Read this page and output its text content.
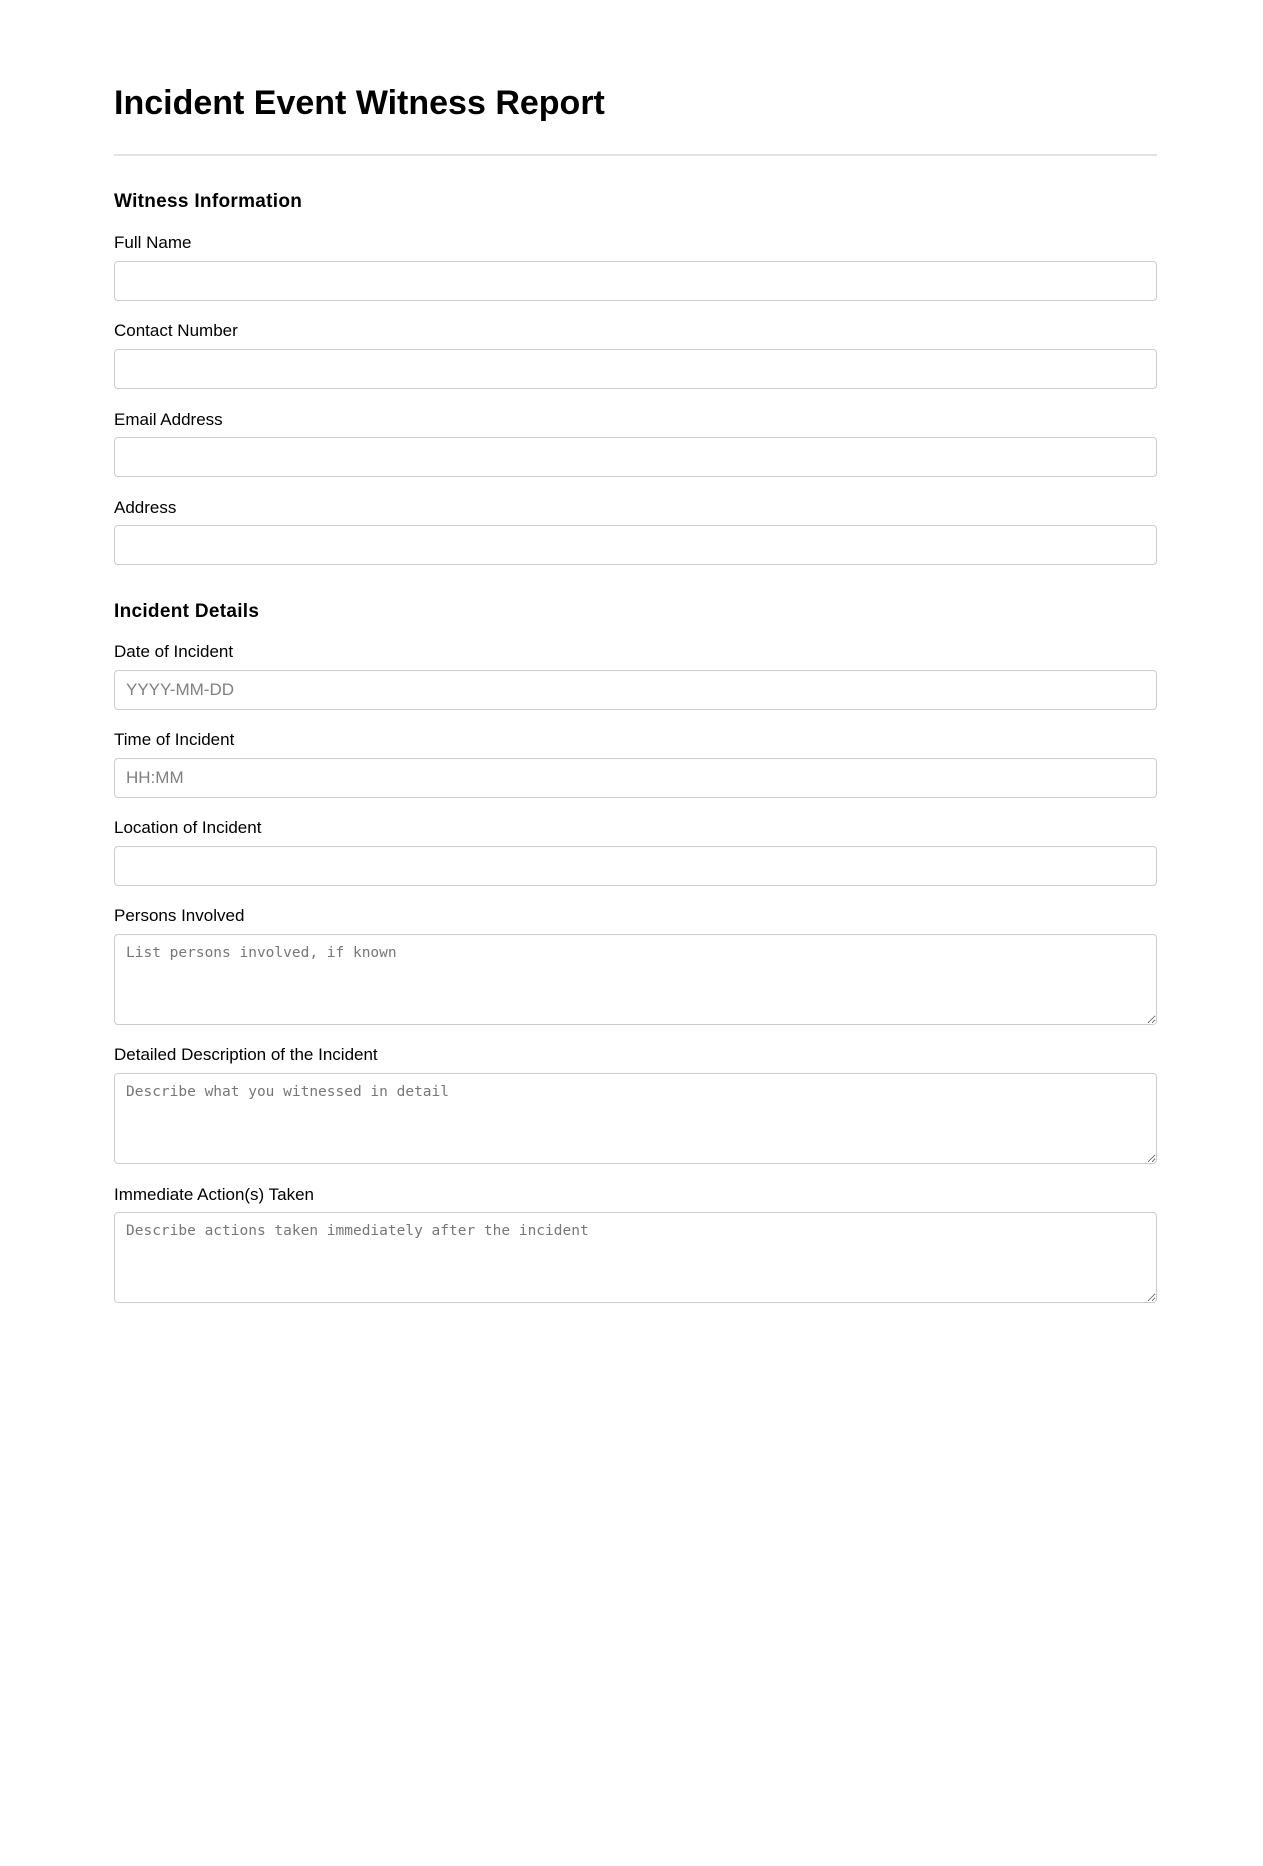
Incident Event Witness Report
Witness Information
Full Name
Contact Number
Email Address
Address
Incident Details
Date of Incident
YYYY-MM-DD
Time of Incident
HH:MM
Location of Incident
Persons Involved
List persons involved, if known
Detailed Description of the Incident
Describe what you witnessed in detail
Immediate Action(s) Taken
Describe actions taken immediately after the incident
